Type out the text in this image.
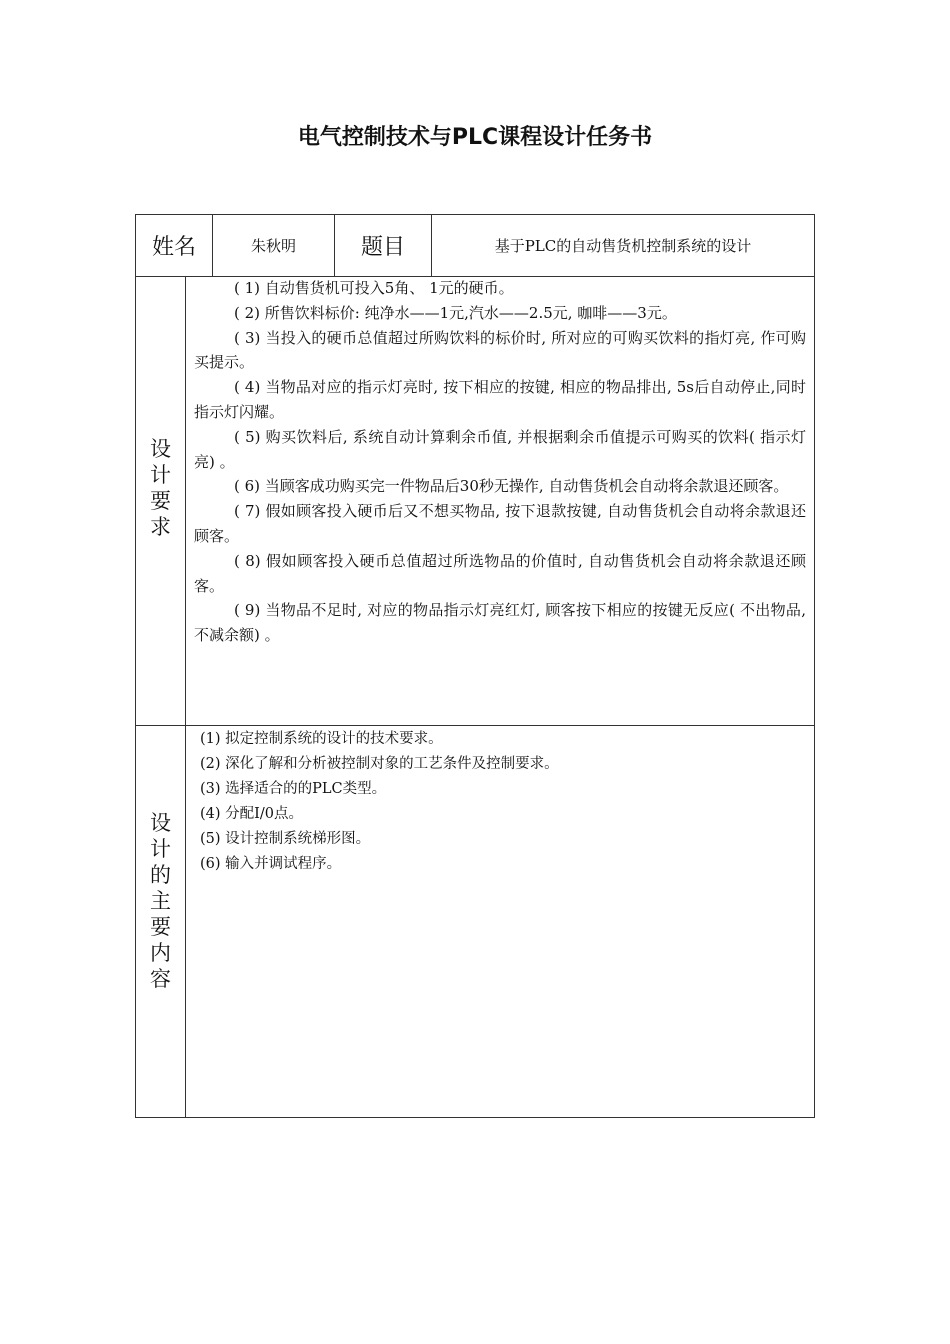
电气控制技术与PLC课程设计任务书
姓名	朱秋明	题目	基于PLC的自动售货机控制系统的设计
设计要求

( 1) 自动售货机可投入5角、 1元的硬币。

( 2) 所售饮料标价: 纯净水——1元,汽水——2.5元, 咖啡——3元。

( 3) 当投入的硬币总值超过所购饮料的标价时, 所对应的可购买饮料的指灯亮, 作可购买提示。

( 4) 当物品对应的指示灯亮时, 按下相应的按键, 相应的物品排出, 5s后自动停止,同时指示灯闪耀。

( 5) 购买饮料后, 系统自动计算剩余币值, 并根据剩余币值提示可购买的饮料( 指示灯亮) 。

( 6) 当顾客成功购买完一件物品后30秒无操作, 自动售货机会自动将余款退还顾客。

( 7) 假如顾客投入硬币后又不想买物品, 按下退款按键, 自动售货机会自动将余款退还顾客。

( 8) 假如顾客投入硬币总值超过所选物品的价值时, 自动售货机会自动将余款退还顾客。

( 9) 当物品不足时, 对应的物品指示灯亮红灯, 顾客按下相应的按键无反应( 不出物品, 不减余额) 。

设计的主要内容

(1) 拟定控制系统的设计的技术要求。

(2) 深化了解和分析被控制对象的工艺条件及控制要求。

(3) 选择适合的的PLC类型。

(4) 分配I/0点。

(5) 设计控制系统梯形图。

(6) 输入并调试程序。
